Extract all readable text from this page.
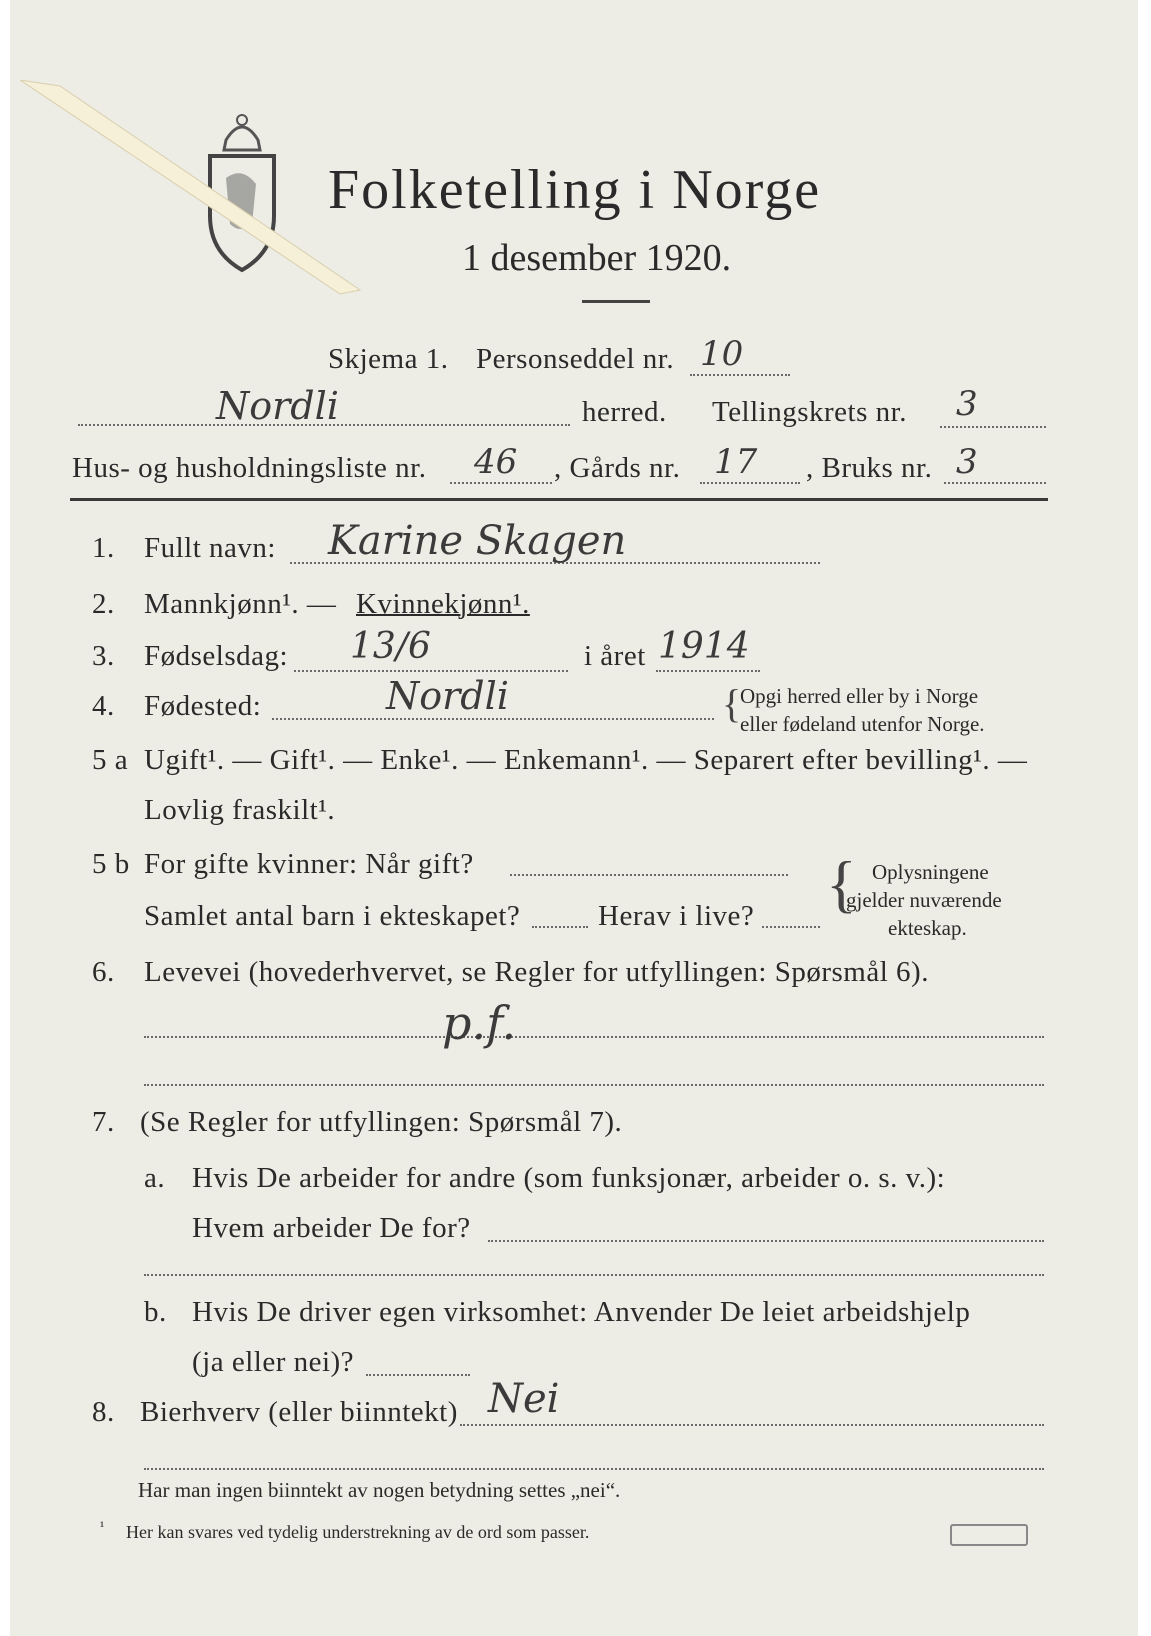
Folketelling i Norge
1 desember 1920.
Skjema 1. Personseddel nr. 10
Nordli	herred. Tellingskrets nr. 3
Hus- og husholdningsliste nr. 46 , Gårds nr. 17 , Bruks nr. 3
1. Fullt navn: Karine Skagen
2. Mannkjønn¹. — Kvinnekjønn¹.
3. Fødselsdag: 13/6	i året 1914
4. Fødested:	Nordli	{
Opgi herred eller by i Norge
eller fødeland utenfor Norge.
5 a Ugift¹. — Gift¹. — Enke¹. — Enkemann¹. — Separert efter bevilling¹. —
Lovlig fraskilt¹.
5 b For gifte kvinner: Når gift?
Samlet antal barn i ekteskapet?	Herav i live? { Oplysningene
gjelder nuværende
ekteskap.
6. Levevei (hovederhvervet, se Regler for utfyllingen: Spørsmål 6).
p.f.
7. (Se Regler for utfyllingen: Spørsmål 7).
a. Hvis De arbeider for andre (som funksjonær, arbeider o. s. v.):
Hvem arbeider De for?
b. Hvis De driver egen virksomhet: Anvender De leiet arbeidshjelp
(ja eller nei)?
8. Bierhverv (eller biinntekt) Nei
Har man ingen biinntekt av nogen betydning settes „nei“.
¹ Her kan svares ved tydelig understrekning av de ord som passer.
